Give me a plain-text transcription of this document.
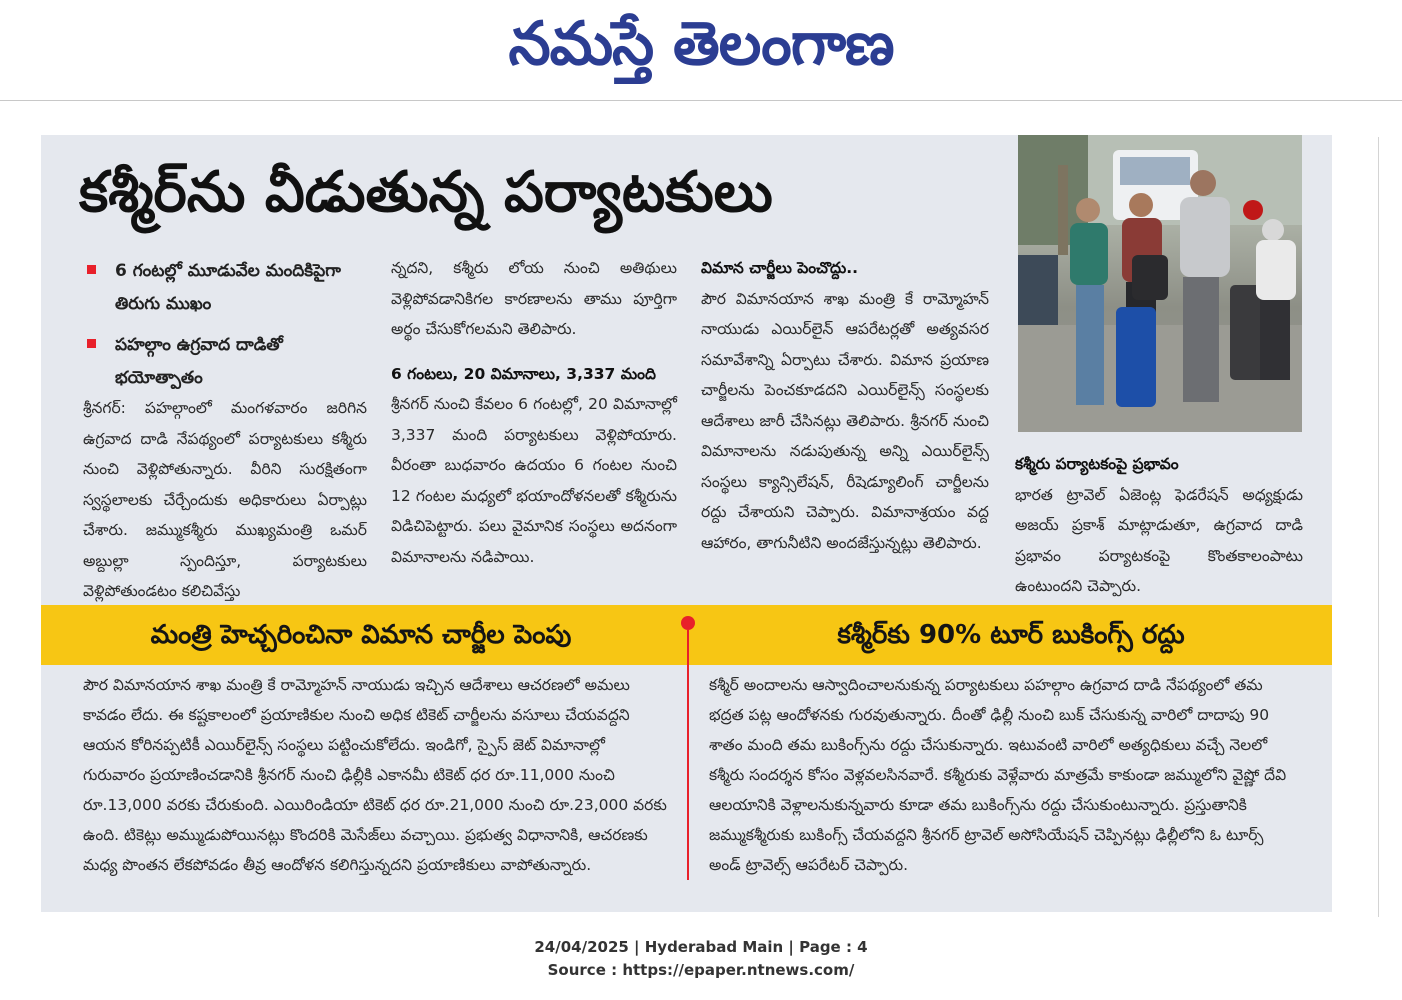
నమస్తే తెలంగాణ
కశ్మీర్‌ను వీడుతున్న పర్యాటకులు
6 గంటల్లో మూడువేల మందికిపైగా తిరుగు ముఖం
పహల్గాం ఉగ్రవాద దాడితో భయోత్పాతం
శ్రీనగర్: పహల్గాంలో మంగళవారం జరిగిన ఉగ్రవాద దాడి నేపథ్యంలో పర్యాటకులు కశ్మీరు నుంచి వెళ్లిపోతున్నారు. వీరిని సురక్షితంగా స్వస్థలాలకు చేర్చేందుకు అధికారులు ఏర్పాట్లు చేశారు. జమ్ముకశ్మీరు ముఖ్యమంత్రి ఒమర్ అబ్దుల్లా స్పందిస్తూ, పర్యాటకులు వెళ్లిపోతుండటం కలిచివేస్తు
న్నదని, కశ్మీరు లోయ నుంచి అతిథులు వెళ్లిపోవడానికిగల కారణాలను తాము పూర్తిగా అర్థం చేసుకోగలమని తెలిపారు.
6 గంటలు, 20 విమానాలు, 3,337 మంది
శ్రీనగర్ నుంచి కేవలం 6 గంటల్లో, 20 విమానాల్లో 3,337 మంది పర్యాటకులు వెళ్లిపోయారు. వీరంతా బుధవారం ఉదయం 6 గంటల నుంచి 12 గంటల మధ్యలో భయాందోళనలతో కశ్మీరును విడిచిపెట్టారు. పలు వైమానిక సంస్థలు అదనంగా విమానాలను నడిపాయి.
విమాన చార్జీలు పెంచొద్దు..
పౌర విమానయాన శాఖ మంత్రి కే రామ్మోహన్ నాయుడు ఎయిర్‌లైన్ ఆపరేటర్లతో అత్యవసర సమావేశాన్ని ఏర్పాటు చేశారు. విమాన ప్రయాణ చార్జీలను పెంచకూడదని ఎయిర్‌లైన్స్ సంస్థలకు ఆదేశాలు జారీ చేసినట్లు తెలిపారు. శ్రీనగర్ నుంచి విమానాలను నడుపుతున్న అన్ని ఎయిర్‌లైన్స్ సంస్థలు క్యాన్సిలేషన్, రీషెడ్యూలింగ్ చార్జీలను రద్దు చేశాయని చెప్పారు. విమానాశ్రయం వద్ద ఆహారం, తాగునీటిని అందజేస్తున్నట్లు తెలిపారు.
కశ్మీరు పర్యాటకంపై ప్రభావం
భారత ట్రావెల్ ఏజెంట్ల ఫెడరేషన్ అధ్యక్షుడు అజయ్ ప్రకాశ్ మాట్లాడుతూ, ఉగ్రవాద దాడి ప్రభావం పర్యాటకంపై కొంతకాలంపాటు ఉంటుందని చెప్పారు.
మంత్రి హెచ్చరించినా విమాన చార్జీల పెంపు	కశ్మీర్‌కు 90% టూర్ బుకింగ్స్ రద్దు
పౌర విమానయాన శాఖ మంత్రి కే రామ్మోహన్ నాయుడు ఇచ్చిన ఆదేశాలు ఆచరణలో అమలు కావడం లేదు. ఈ కష్టకాలంలో ప్రయాణికుల నుంచి అధిక టికెట్ చార్జీలను వసూలు చేయవద్దని ఆయన కోరినప్పటికీ ఎయిర్‌లైన్స్ సంస్థలు పట్టించుకోలేదు. ఇండిగో, స్పైస్ జెట్ విమానాల్లో గురువారం ప్రయాణించడానికి శ్రీనగర్ నుంచి ఢిల్లీకి ఎకానమీ టికెట్ ధర రూ.11,000 నుంచి రూ.13,000 వరకు చేరుకుంది. ఎయిరిండియా టికెట్ ధర రూ.21,000 నుంచి రూ.23,000 వరకు ఉంది. టికెట్లు అమ్ముడుపోయినట్లు కొందరికి మెసేజ్‌లు వచ్చాయి. ప్రభుత్వ విధానానికి, ఆచరణకు మధ్య పొంతన లేకపోవడం తీవ్ర ఆందోళన కలిగిస్తున్నదని ప్రయాణికులు వాపోతున్నారు.
కశ్మీర్ అందాలను ఆస్వాదించాలనుకున్న పర్యాటకులు పహల్గాం ఉగ్రవాద దాడి నేపథ్యంలో తమ భద్రత పట్ల ఆందోళనకు గురవుతున్నారు. దీంతో ఢిల్లీ నుంచి బుక్ చేసుకున్న వారిలో దాదాపు 90 శాతం మంది తమ బుకింగ్స్‌ను రద్దు చేసుకున్నారు. ఇటువంటి వారిలో అత్యధికులు వచ్చే నెలలో కశ్మీరు సందర్శన కోసం వెళ్లవలసినవారే. కశ్మీరుకు వెళ్లేవారు మాత్రమే కాకుండా జమ్ములోని వైష్ణో దేవి ఆలయానికి వెళ్లాలనుకున్నవారు కూడా తమ బుకింగ్స్‌ను రద్దు చేసుకుంటున్నారు. ప్రస్తుతానికి జమ్ముకశ్మీరుకు బుకింగ్స్ చేయవద్దని శ్రీనగర్ ట్రావెల్ అసోసియేషన్ చెప్పినట్లు ఢిల్లీలోని ఓ టూర్స్ అండ్ ట్రావెల్స్ ఆపరేటర్ చెప్పారు.
24/04/2025 | Hyderabad Main | Page : 4
Source : https://epaper.ntnews.com/
